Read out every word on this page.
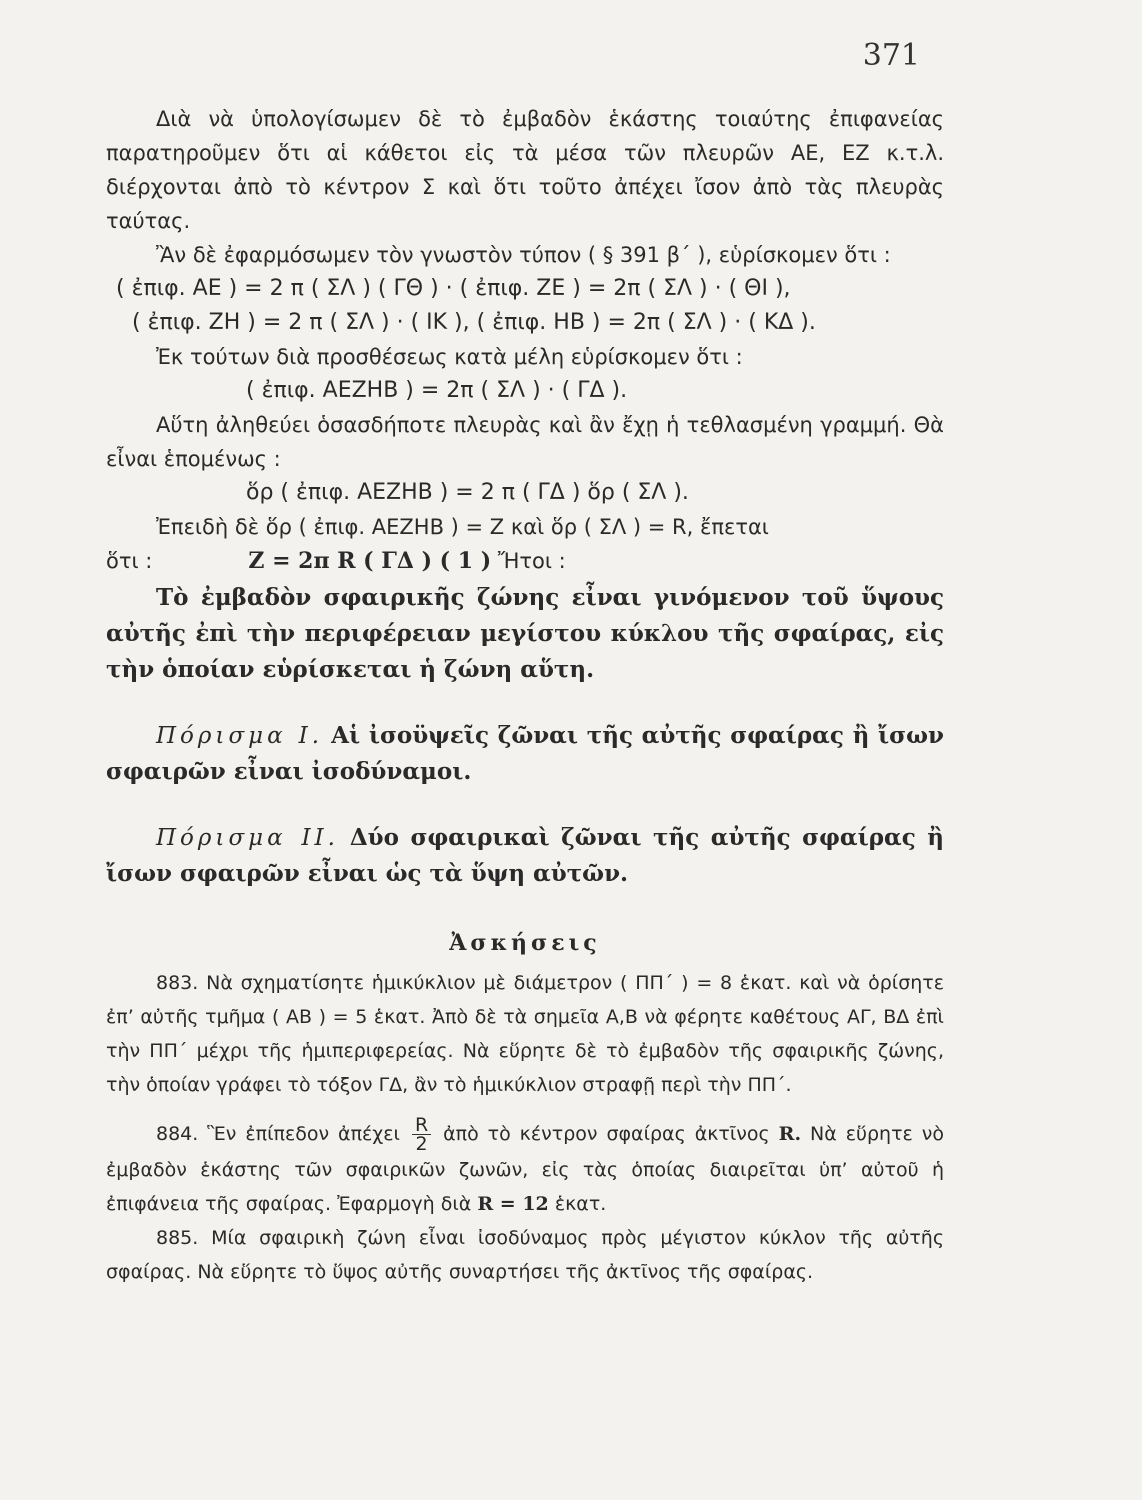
371

Διὰ νὰ ὑπολογίσωμεν δὲ τὸ ἐμβαδὸν ἑκάστης τοιαύτης ἐπιφανείας παρατηροῦμεν ὅτι αἱ κάθετοι εἰς τὰ μέσα τῶν πλευρῶν ΑΕ, ΕΖ κ.τ.λ. διέρχονται ἀπὸ τὸ κέντρον Σ καὶ ὅτι τοῦτο ἀπέχει ἴσον ἀπὸ τὰς πλευρὰς ταύτας.

Ἂν δὲ ἐφαρμόσωμεν τὸν γνωστὸν τύπον ( § 391 β΄ ), εὑρίσκομεν ὅτι :

( ἐπιφ. ΑΕ ) = 2 π ( ΣΛ ) ( ΓΘ ) · ( ἐπιφ. ΖΕ ) = 2π ( ΣΛ ) · ( ΘΙ ),

( ἐπιφ. ΖΗ ) = 2 π ( ΣΛ ) · ( ΙΚ ), ( ἐπιφ. ΗΒ ) = 2π ( ΣΛ ) · ( ΚΔ ).

Ἐκ τούτων διὰ προσθέσεως κατὰ μέλη εὑρίσκομεν ὅτι :

( ἐπιφ. ΑΕΖΗΒ ) = 2π ( ΣΛ ) · ( ΓΔ ).

Αὕτη ἀληθεύει ὁσασδήποτε πλευρὰς καὶ ἂν ἔχῃ ἡ τεθλασμένη γραμμή. Θὰ εἶναι ἑπομένως :

ὅρ ( ἐπιφ. ΑΕΖΗΒ ) = 2 π ( ΓΔ ) ὅρ ( ΣΛ ).

Ἐπειδὴ δὲ ὅρ ( ἐπιφ. ΑΕΖΗΒ ) = Ζ καὶ ὅρ ( ΣΛ ) = R, ἔπεται

ὅτι :	Ζ = 2π R ( ΓΔ ) ( 1 ) Ἤτοι :

Τὸ ἐμβαδὸν σφαιρικῆς ζώνης εἶναι γινόμενον τοῦ ὕψους αὐτῆς ἐπὶ τὴν περιφέρειαν μεγίστου κύκλου τῆς σφαίρας, εἰς τὴν ὁποίαν εὑρίσκεται ἡ ζώνη αὕτη.

Πόρισμα Ι. Αἱ ἰσοϋψεῖς ζῶναι τῆς αὐτῆς σφαίρας ἢ ἴσων σφαιρῶν εἶναι ἰσοδύναμοι.

Πόρισμα ΙΙ. Δύο σφαιρικαὶ ζῶναι τῆς αὐτῆς σφαίρας ἢ ἴσων σφαιρῶν εἶναι ὡς τὰ ὕψη αὐτῶν.

Ἀσκήσεις

883. Νὰ σχηματίσητε ἡμικύκλιον μὲ διάμετρον ( ΠΠ΄ ) = 8 ἑκατ. καὶ νὰ ὁρίσητε ἐπ’ αὐτῆς τμῆμα ( ΑΒ ) = 5 ἑκατ. Ἀπὸ δὲ τὰ σημεῖα Α,Β νὰ φέρητε καθέτους ΑΓ, ΒΔ ἐπὶ τὴν ΠΠ΄ μέχρι τῆς ἡμιπεριφερείας. Νὰ εὕρητε δὲ τὸ ἐμβαδὸν τῆς σφαιρικῆς ζώνης, τὴν ὁποίαν γράφει τὸ τόξον ΓΔ, ἂν τὸ ἡμικύκλιον στραφῇ περὶ τὴν ΠΠ΄.

884. Ἓν ἐπίπεδον ἀπέχει $\frac{R}{2}$ ἀπὸ τὸ κέντρον σφαίρας ἀκτῖνος R. Νὰ εὕρητε νὸ ἐμβαδὸν ἑκάστης τῶν σφαιρικῶν ζωνῶν, εἰς τὰς ὁποίας διαιρεῖται ὑπ’ αὐτοῦ ἡ ἐπιφάνεια τῆς σφαίρας. Ἐφαρμογὴ διὰ R = 12 ἑκατ.

885. Μία σφαιρικὴ ζώνη εἶναι ἰσοδύναμος πρὸς μέγιστον κύκλον τῆς αὐτῆς σφαίρας. Νὰ εὕρητε τὸ ὕψος αὐτῆς συναρτήσει τῆς ἀκτῖνος τῆς σφαίρας.
